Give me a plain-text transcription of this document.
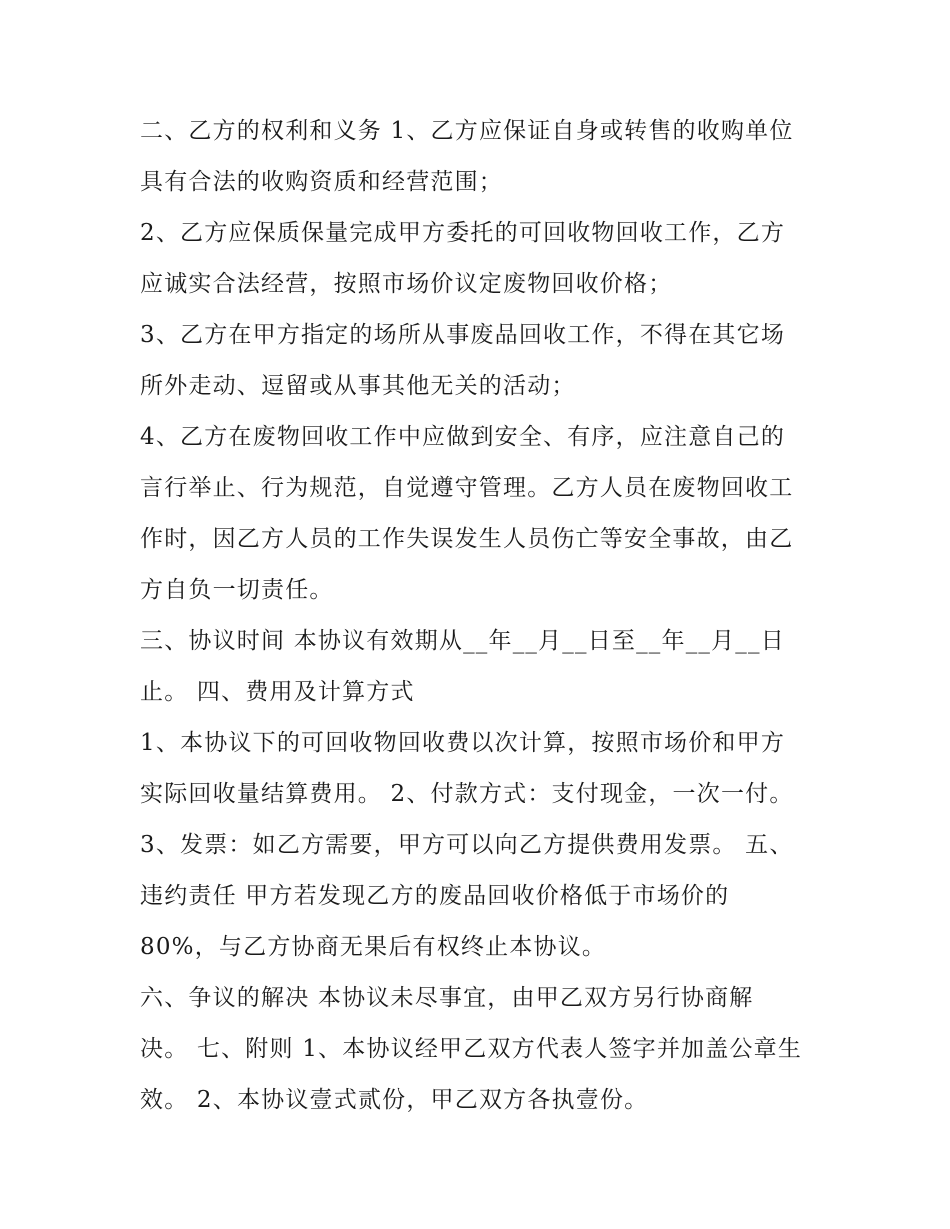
二、乙方的权利和义务 1、乙方应保证自身或转售的收购单位
具有合法的收购资质和经营范围；
2、乙方应保质保量完成甲方委托的可回收物回收工作，乙方
应诚实合法经营，按照市场价议定废物回收价格；
3、乙方在甲方指定的场所从事废品回收工作，不得在其它场
所外走动、逗留或从事其他无关的活动；
4、乙方在废物回收工作中应做到安全、有序，应注意自己的
言行举止、行为规范，自觉遵守管理。乙方人员在废物回收工
作时，因乙方人员的工作失误发生人员伤亡等安全事故，由乙
方自负一切责任。
三、协议时间 本协议有效期从__年__月__日至__年__月__日
止。 四、费用及计算方式
1、本协议下的可回收物回收费以次计算，按照市场价和甲方
实际回收量结算费用。 2、付款方式：支付现金，一次一付。
3、发票：如乙方需要，甲方可以向乙方提供费用发票。 五、
违约责任 甲方若发现乙方的废品回收价格低于市场价的
80%，与乙方协商无果后有权终止本协议。
六、争议的解决 本协议未尽事宜，由甲乙双方另行协商解
决。 七、附则 1、本协议经甲乙双方代表人签字并加盖公章生
效。 2、本协议壹式贰份，甲乙双方各执壹份。
